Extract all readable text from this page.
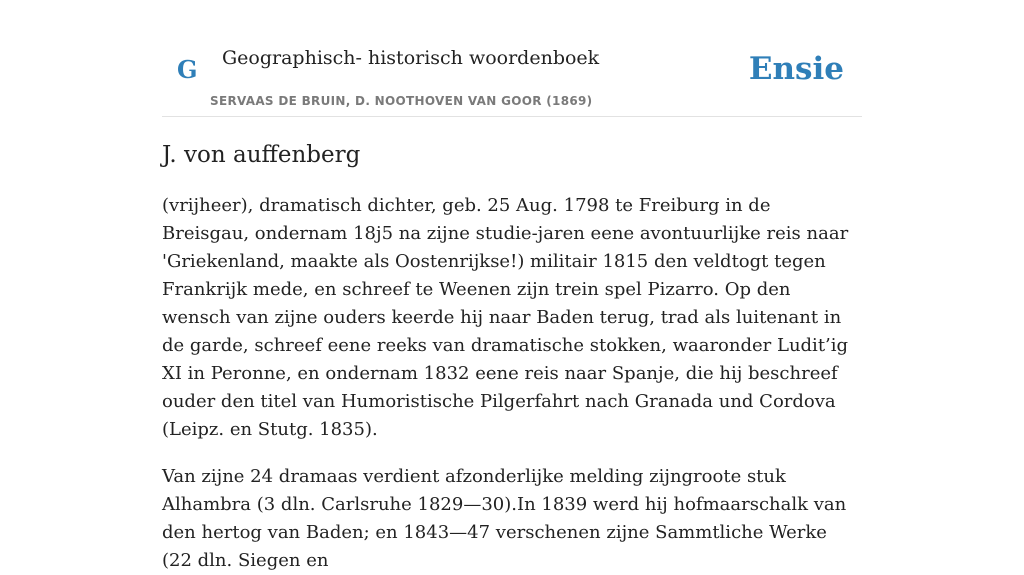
G Geographisch- historisch woordenboek
SERVAAS DE BRUIN, D. NOOTHOVEN VAN GOOR (1869)
Ensie
J. von auffenberg

(vrijheer), dramatisch dichter, geb. 25 Aug. 1798 te Freiburg in de Breisgau, ondernam 18j5 na zijne studie-jaren eene avontuurlijke reis naar 'Griekenland, maakte als Oostenrijkse!) militair 1815 den veldtogt tegen Frankrijk mede, en schreef te Weenen zijn trein spel Pizarro. Op den wensch van zijne ouders keerde hij naar Baden terug, trad als luitenant in de garde, schreef eene reeks van dramatische stokken, waaronder Ludit’ig XI in Peronne, en ondernam 1832 eene reis naar Spanje, die hij beschreef ouder den titel van Humoristische Pilgerfahrt nach Granada und Cordova (Leipz. en Stutg. 1835).

Van zijne 24 dramaas verdient afzonderlijke melding zijngroote stuk Alhambra (3 dln. Carlsruhe 1829—30).In 1839 werd hij hofmaarschalk van den hertog van Baden; en 1843—47 verschenen zijne Sammtliche Werke (22 dln. Siegen en
